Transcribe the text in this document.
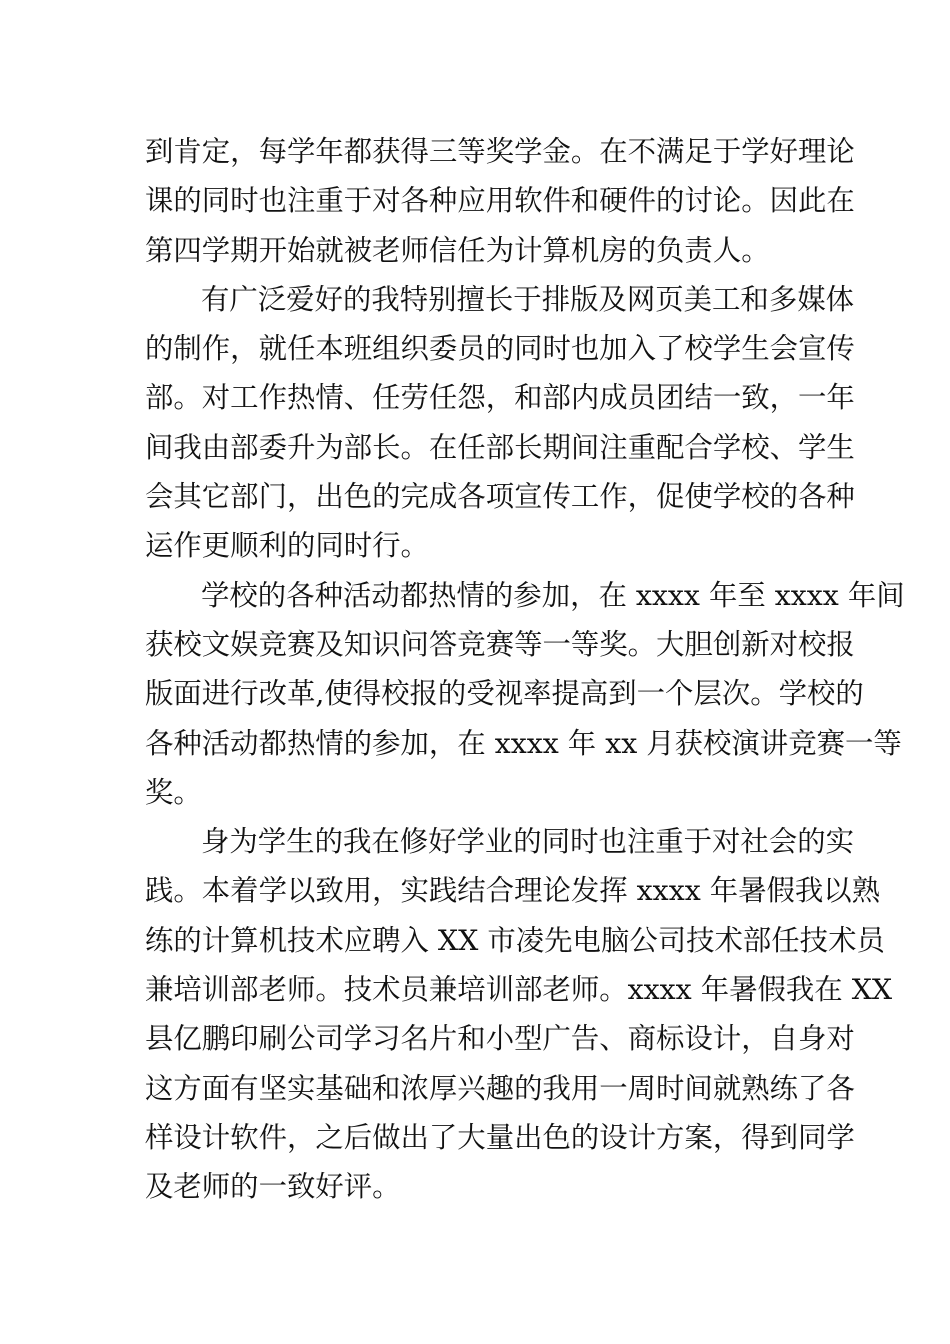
到肯定，每学年都获得三等奖学金。在不满足于学好理论
课的同时也注重于对各种应用软件和硬件的讨论。因此在
第四学期开始就被老师信任为计算机房的负责人。
有广泛爱好的我特别擅长于排版及网页美工和多媒体
的制作，就任本班组织委员的同时也加入了校学生会宣传
部。对工作热情、任劳任怨，和部内成员团结一致，一年
间我由部委升为部长。在任部长期间注重配合学校、学生
会其它部门，出色的完成各项宣传工作，促使学校的各种
运作更顺利的同时行。
学校的各种活动都热情的参加，在 xxxx 年至 xxxx 年间
获校文娱竞赛及知识问答竞赛等一等奖。大胆创新对校报
版面进行改革,使得校报的受视率提高到一个层次。学校的
各种活动都热情的参加，在 xxxx 年 xx 月获校演讲竞赛一等
奖。
身为学生的我在修好学业的同时也注重于对社会的实
践。本着学以致用，实践结合理论发挥 xxxx 年暑假我以熟
练的计算机技术应聘入 XX 市凌先电脑公司技术部任技术员
兼培训部老师。技术员兼培训部老师。xxxx 年暑假我在 XX
县亿鹏印刷公司学习名片和小型广告、商标设计，自身对
这方面有坚实基础和浓厚兴趣的我用一周时间就熟练了各
样设计软件，之后做出了大量出色的设计方案，得到同学
及老师的一致好评。
